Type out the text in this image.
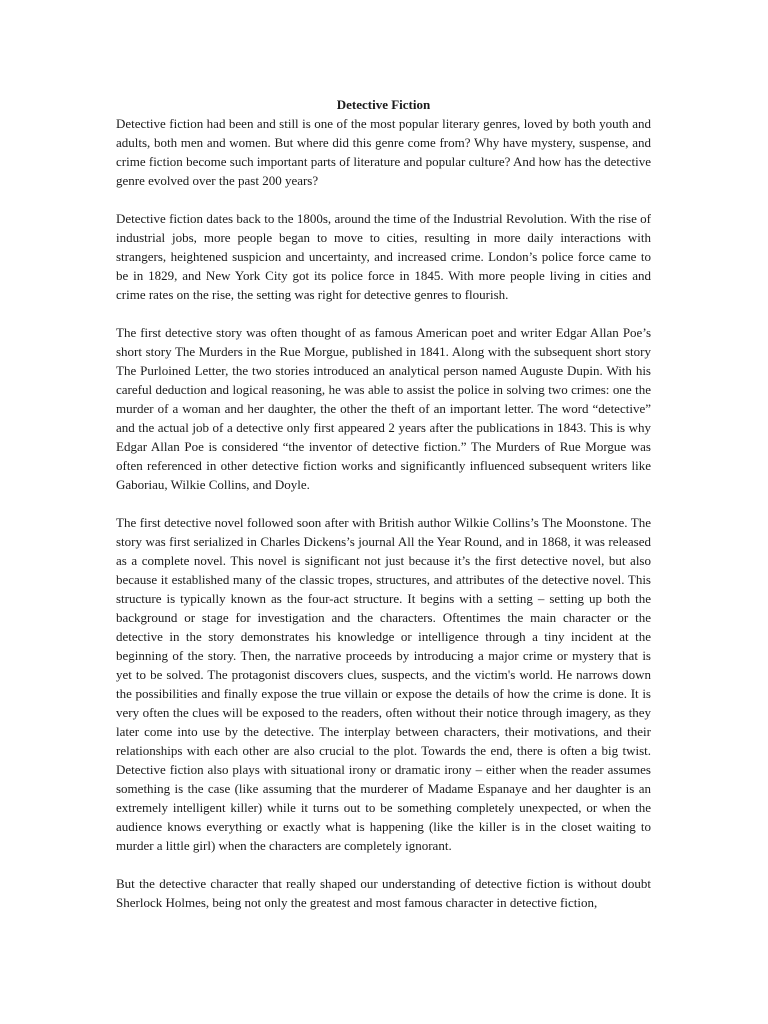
Detective Fiction

Detective fiction had been and still is one of the most popular literary genres, loved by both youth and adults, both men and women. But where did this genre come from? Why have mystery, suspense, and crime fiction become such important parts of literature and popular culture? And how has the detective genre evolved over the past 200 years?

Detective fiction dates back to the 1800s, around the time of the Industrial Revolution. With the rise of industrial jobs, more people began to move to cities, resulting in more daily interactions with strangers, heightened suspicion and uncertainty, and increased crime. London’s police force came to be in 1829, and New York City got its police force in 1845. With more people living in cities and crime rates on the rise, the setting was right for detective genres to flourish.

The first detective story was often thought of as famous American poet and writer Edgar Allan Poe’s short story The Murders in the Rue Morgue, published in 1841. Along with the subsequent short story The Purloined Letter, the two stories introduced an analytical person named Auguste Dupin. With his careful deduction and logical reasoning, he was able to assist the police in solving two crimes: one the murder of a woman and her daughter, the other the theft of an important letter. The word “detective” and the actual job of a detective only first appeared 2 years after the publications in 1843. This is why Edgar Allan Poe is considered “the inventor of detective fiction.” The Murders of Rue Morgue was often referenced in other detective fiction works and significantly influenced subsequent writers like Gaboriau, Wilkie Collins, and Doyle.

The first detective novel followed soon after with British author Wilkie Collins’s The Moonstone. The story was first serialized in Charles Dickens’s journal All the Year Round, and in 1868, it was released as a complete novel. This novel is significant not just because it’s the first detective novel, but also because it established many of the classic tropes, structures, and attributes of the detective novel. This structure is typically known as the four-act structure. It begins with a setting – setting up both the background or stage for investigation and the characters. Oftentimes the main character or the detective in the story demonstrates his knowledge or intelligence through a tiny incident at the beginning of the story. Then, the narrative proceeds by introducing a major crime or mystery that is yet to be solved. The protagonist discovers clues, suspects, and the victim's world. He narrows down the possibilities and finally expose the true villain or expose the details of how the crime is done. It is very often the clues will be exposed to the readers, often without their notice through imagery, as they later come into use by the detective. The interplay between characters, their motivations, and their relationships with each other are also crucial to the plot. Towards the end, there is often a big twist. Detective fiction also plays with situational irony or dramatic irony – either when the reader assumes something is the case (like assuming that the murderer of Madame Espanaye and her daughter is an extremely intelligent killer) while it turns out to be something completely unexpected, or when the audience knows everything or exactly what is happening (like the killer is in the closet waiting to murder a little girl) when the characters are completely ignorant.

But the detective character that really shaped our understanding of detective fiction is without doubt Sherlock Holmes, being not only the greatest and most famous character in detective fiction,
